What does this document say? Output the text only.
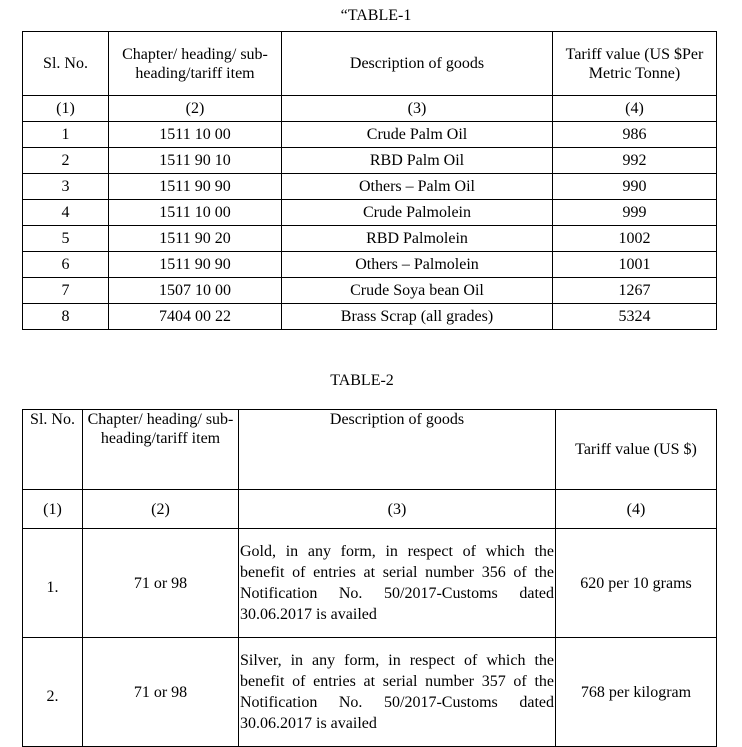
“TABLE-1
Sl. No.	Chapter/ heading/ sub-heading/tariff item	Description of goods	Tariff value (US $Per Metric Tonne)
(1)	(2)	(3)	(4)
1	1511 10 00	Crude Palm Oil	986
2	1511 90 10	RBD Palm Oil	992
3	1511 90 90	Others – Palm Oil	990
4	1511 10 00	Crude Palmolein	999
5	1511 90 20	RBD Palmolein	1002
6	1511 90 90	Others – Palmolein	1001
7	1507 10 00	Crude Soya bean Oil	1267
8	7404 00 22	Brass Scrap (all grades)	5324
TABLE-2
Sl. No.	Chapter/ heading/ sub-heading/tariff item	Description of goods	Tariff value (US $)
(1)	(2)	(3)	(4)
1.	71 or 98	Gold, in any form, in respect of which the benefit of entries at serial number 356 of the Notification No. 50/2017-Customs dated 30.06.2017 is availed	620 per 10 grams
2.	71 or 98	Silver, in any form, in respect of which the benefit of entries at serial number 357 of the Notification No. 50/2017-Customs dated 30.06.2017 is availed	768 per kilogram
